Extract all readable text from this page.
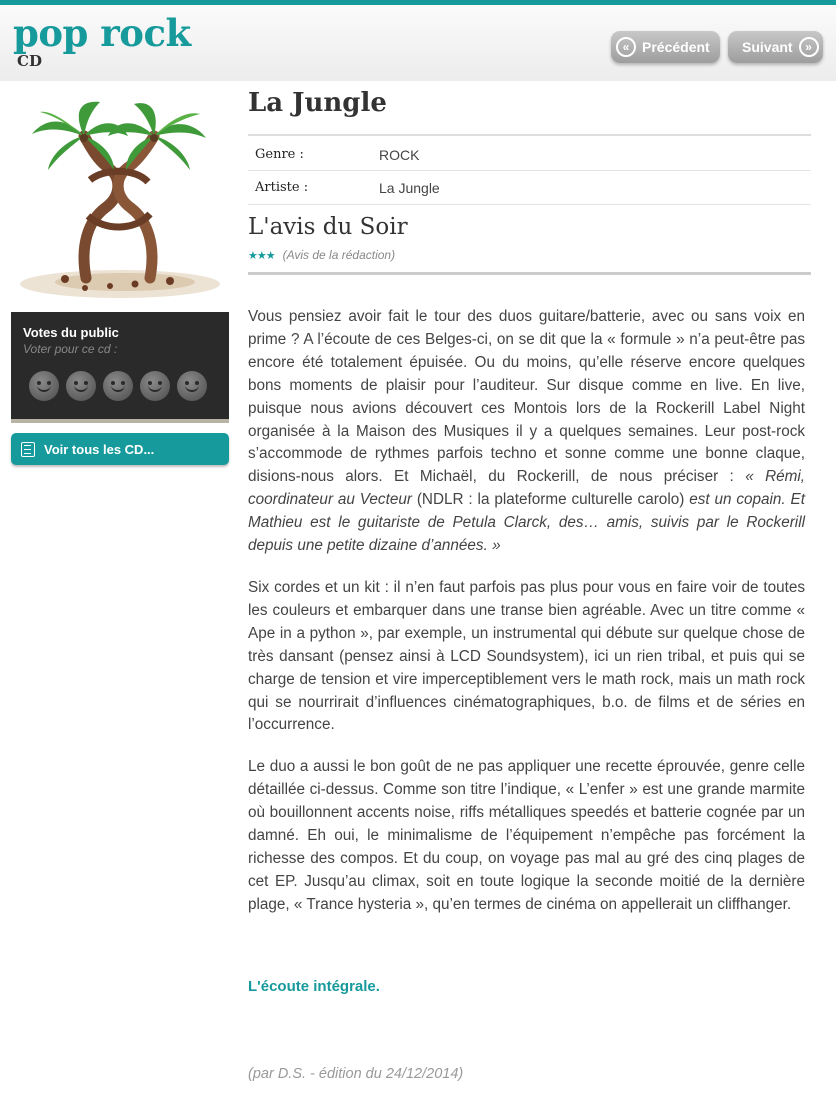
pop rock
CD
« Précédent Suivant	»
Votes du public
Voter pour ce cd :
Voir tous les CD...
La Jungle
Genre :	ROCK
Artiste :	La Jungle
L'avis du Soir
★★★ (Avis de la rédaction)

Vous pensiez avoir fait le tour des duos guitare/batterie, avec ou sans voix en prime ? A l’écoute de ces Belges-ci, on se dit que la « formule » n’a peut-être pas encore été totalement épuisée. Ou du moins, qu’elle réserve encore quelques bons moments de plaisir pour l’auditeur. Sur disque comme en live. En live, puisque nous avions découvert ces Montois lors de la Rockerill Label Night organisée à la Maison des Musiques il y a quelques semaines. Leur post-rock s’accommode de rythmes parfois techno et sonne comme une bonne claque, disions-nous alors. Et Michaël, du Rockerill, de nous préciser : « Rémi, coordinateur au Vecteur (NDLR : la plateforme culturelle carolo) est un copain. Et Mathieu est le guitariste de Petula Clarck, des… amis, suivis par le Rockerill depuis une petite dizaine d’années. »

Six cordes et un kit : il n’en faut parfois pas plus pour vous en faire voir de toutes les couleurs et embarquer dans une transe bien agréable. Avec un titre comme « Ape in a python », par exemple, un instrumental qui débute sur quelque chose de très dansant (pensez ainsi à LCD Soundsystem), ici un rien tribal, et puis qui se charge de tension et vire imperceptiblement vers le math rock, mais un math rock qui se nourrirait d’influences cinématographiques, b.o. de films et de séries en l’occurrence.

Le duo a aussi le bon goût de ne pas appliquer une recette éprouvée, genre celle détaillée ci-dessus. Comme son titre l’indique, « L’enfer » est une grande marmite où bouillonnent accents noise, riffs métalliques speedés et batterie cognée par un damné. Eh oui, le minimalisme de l’équipement n’empêche pas forcément la richesse des compos. Et du coup, on voyage pas mal au gré des cinq plages de cet EP. Jusqu’au climax, soit en toute logique la seconde moitié de la dernière plage, « Trance hysteria », qu’en termes de cinéma on appellerait un cliffhanger.

L'écoute intégrale.
(par D.S. - édition du 24/12/2014)
